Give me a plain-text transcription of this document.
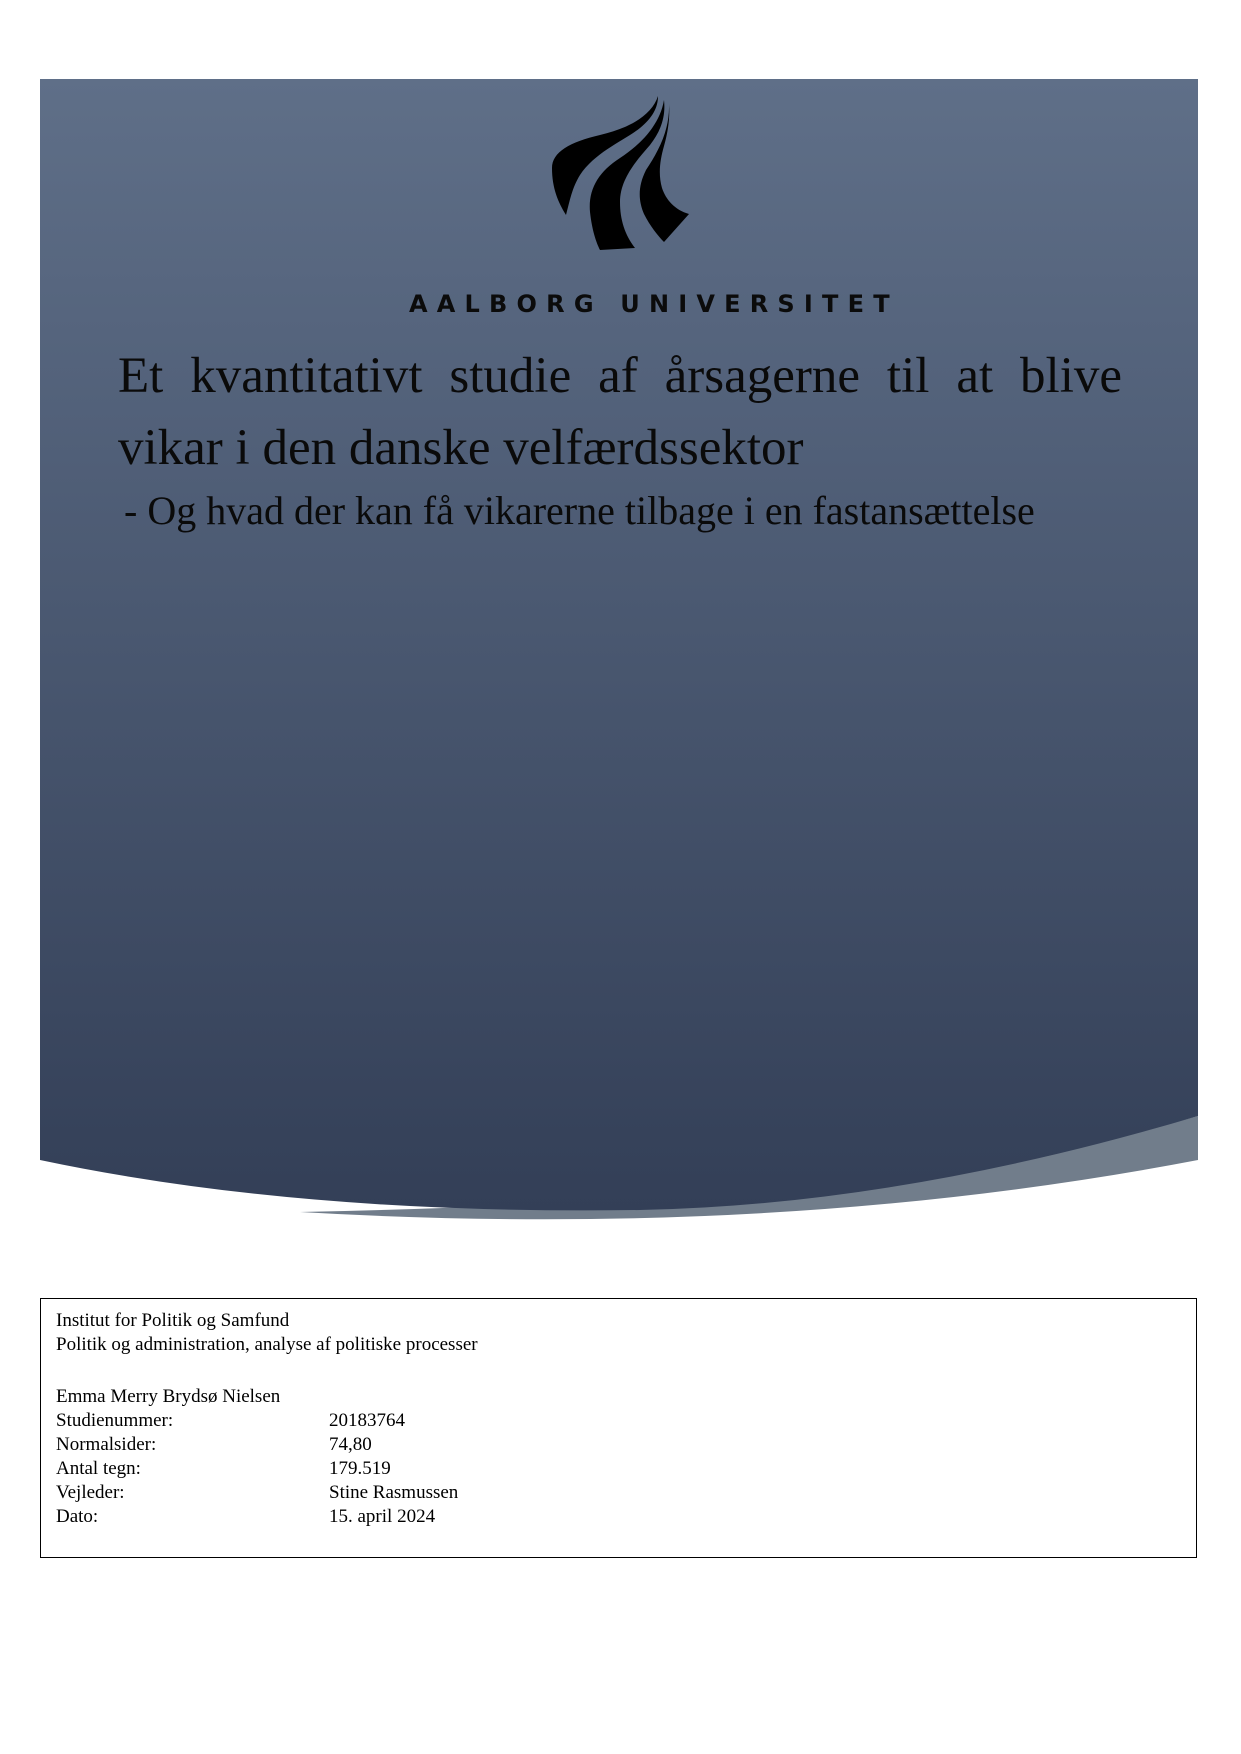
AALBORG UNIVERSITET
Et kvantitativt studie af årsagerne til at blive vikar i den danske velfærdssektor
- Og hvad der kan få vikarerne tilbage i en fastansættelse
Institut for Politik og Samfund
Politik og administration, analyse af politiske processer
Emma Merry Brydsø Nielsen
Studienummer:	20183764
Normalsider:	74,80
Antal tegn:	179.519
Vejleder:	Stine Rasmussen
Dato:	15. april 2024
